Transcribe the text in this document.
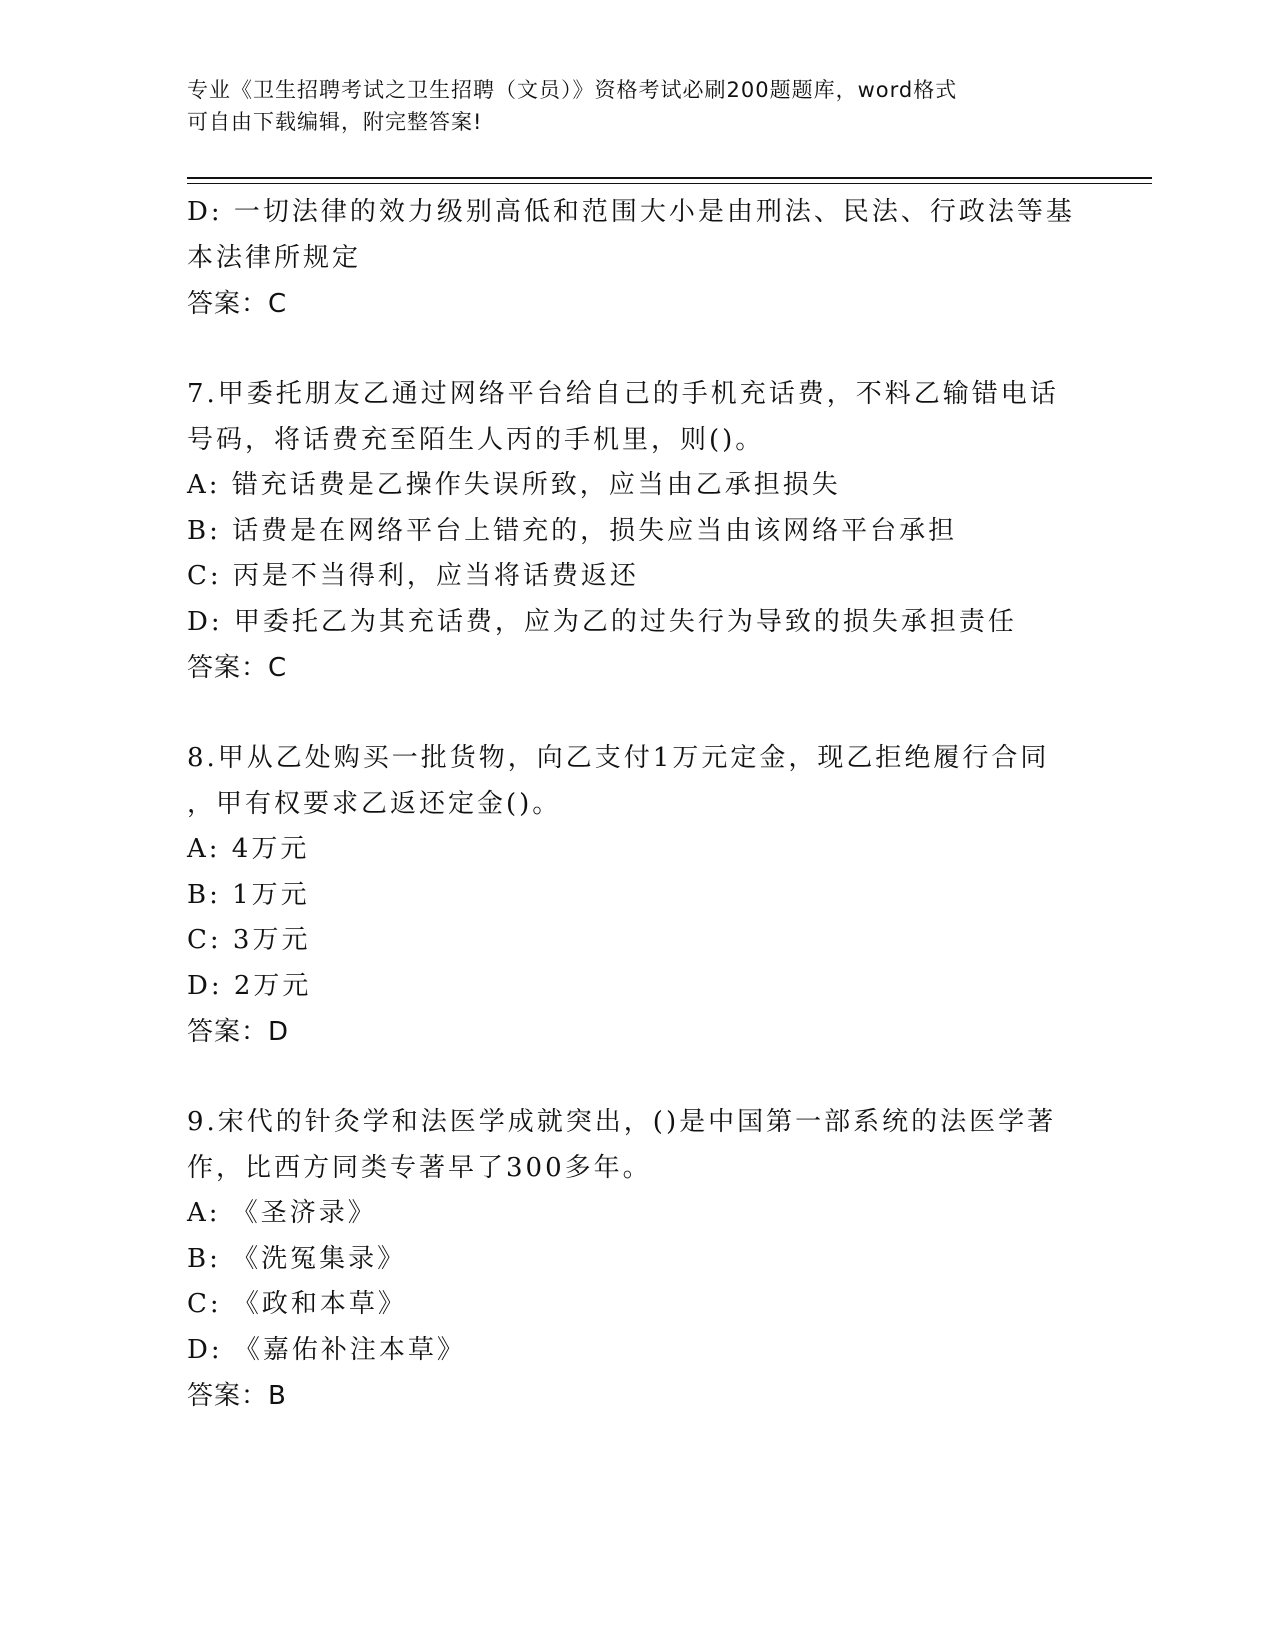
专业《卫生招聘考试之卫生招聘（文员）》资格考试必刷200题题库，word格式
可自由下载编辑，附完整答案!
D: 一切法律的效力级别高低和范围大小是由刑法、民法、行政法等基
本法律所规定
答案：C
7.甲委托朋友乙通过网络平台给自己的手机充话费，不料乙输错电话
号码，将话费充至陌生人丙的手机里，则()。
A: 错充话费是乙操作失误所致，应当由乙承担损失
B: 话费是在网络平台上错充的，损失应当由该网络平台承担
C: 丙是不当得利，应当将话费返还
D: 甲委托乙为其充话费，应为乙的过失行为导致的损失承担责任
答案：C
8.甲从乙处购买一批货物，向乙支付1万元定金，现乙拒绝履行合同
，甲有权要求乙返还定金()。
A: 4万元
B: 1万元
C: 3万元
D: 2万元
答案：D
9.宋代的针灸学和法医学成就突出，()是中国第一部系统的法医学著
作，比西方同类专著早了300多年。
A: 《圣济录》
B: 《洗冤集录》
C: 《政和本草》
D: 《嘉佑补注本草》
答案：B
